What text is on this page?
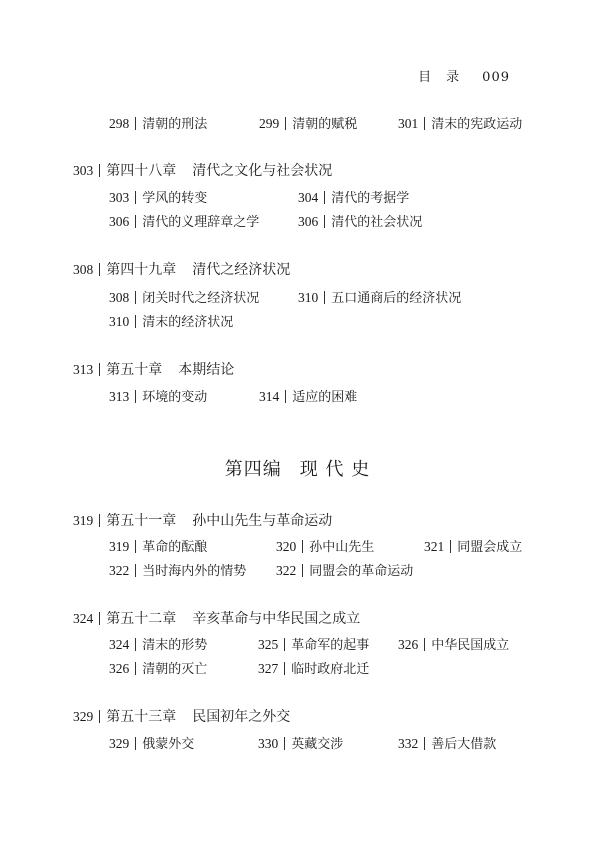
目　录 009
298 清朝的刑法	299 清朝的赋税	301 清末的宪政运动
303 第四十八章 清代之文化与社会状况
303 学风的转变	304 清代的考据学
306 清代的义理辞章之学	306 清代的社会状况
308 第四十九章 清代之经济状况
308 闭关时代之经济状况	310 五口通商后的经济状况
310 清末的经济状况
313 第五十章 本期结论
313 环境的变动	314 适应的困难
第四编 现 代 史
319 第五十一章 孙中山先生与革命运动
319 革命的酝酿	320 孙中山先生	321 同盟会成立
322 当时海内外的情势 322 同盟会的革命运动
324 第五十二章 辛亥革命与中华民国之成立
324 清末的形势	325 革命军的起事 326 中华民国成立
326 清朝的灭亡	327 临时政府北迁
329 第五十三章 民国初年之外交
329 俄蒙外交	330 英藏交涉	332 善后大借款
